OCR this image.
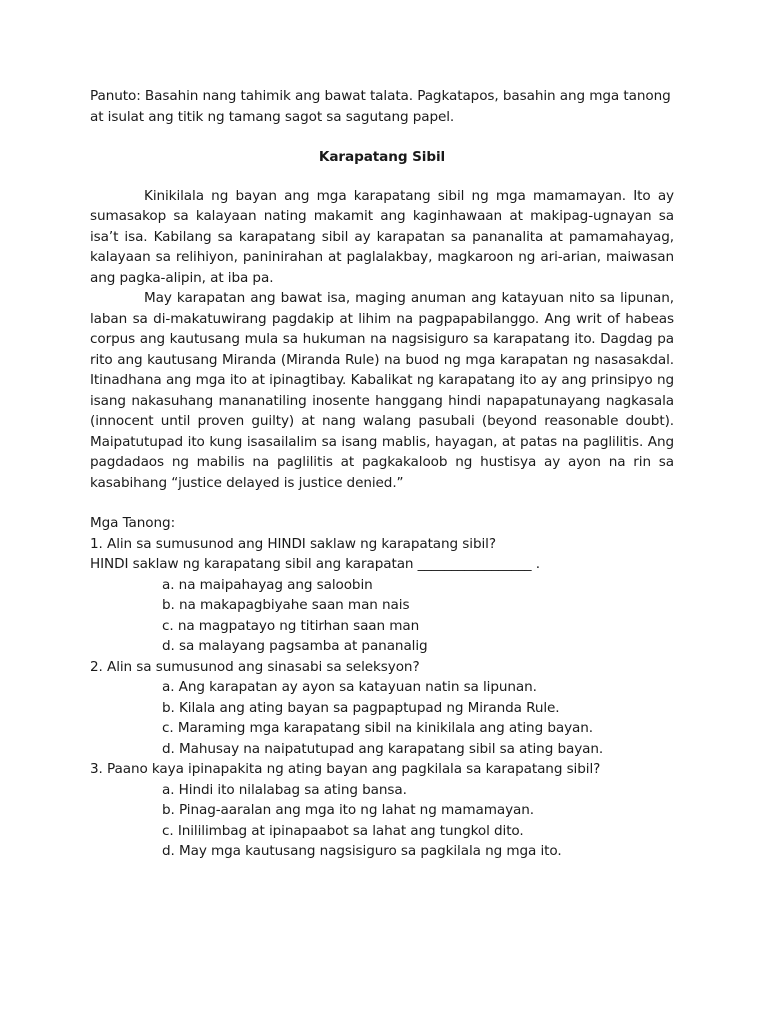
Panuto: Basahin nang tahimik ang bawat talata. Pagkatapos, basahin ang mga tanong at isulat ang titik ng tamang sagot sa sagutang papel.

Karapatang Sibil

Kinikilala ng bayan ang mga karapatang sibil ng mga mamamayan. Ito ay sumasakop sa kalayaan nating makamit ang kaginhawaan at makipag-ugnayan sa isa’t isa. Kabilang sa karapatang sibil ay karapatan sa pananalita at pamamahayag, kalayaan sa relihiyon, paninirahan at paglalakbay, magkaroon ng ari-arian, maiwasan ang pagka-alipin, at iba pa.

May karapatan ang bawat isa, maging anuman ang katayuan nito sa lipunan, laban sa di-makatuwirang pagdakip at lihim na pagpapabilanggo. Ang writ of habeas corpus ang kautusang mula sa hukuman na nagsisiguro sa karapatang ito. Dagdag pa rito ang kautusang Miranda (Miranda Rule) na buod ng mga karapatan ng nasasakdal. Itinadhana ang mga ito at ipinagtibay. Kabalikat ng karapatang ito ay ang prinsipyo ng isang nakasuhang mananatiling inosente hanggang hindi napapatunayang nagkasala (innocent until proven guilty) at nang walang pasubali (beyond reasonable doubt). Maipatutupad ito kung isasailalim sa isang mablis, hayagan, at patas na paglilitis. Ang pagdadaos ng mabilis na paglilitis at pagkakaloob ng hustisya ay ayon na rin sa kasabihang “justice delayed is justice denied.”

Mga Tanong:

1. Alin sa sumusunod ang HINDI saklaw ng karapatang sibil?

HINDI saklaw ng karapatang sibil ang karapatan _________________ .

a. na maipahayag ang saloobin

b. na makapagbiyahe saan man nais

c. na magpatayo ng titirhan saan man

d. sa malayang pagsamba at pananalig

2. Alin sa sumusunod ang sinasabi sa seleksyon?

a. Ang karapatan ay ayon sa katayuan natin sa lipunan.

b. Kilala ang ating bayan sa pagpaptupad ng Miranda Rule.

c. Maraming mga karapatang sibil na kinikilala ang ating bayan.

d. Mahusay na naipatutupad ang karapatang sibil sa ating bayan.

3. Paano kaya ipinapakita ng ating bayan ang pagkilala sa karapatang sibil?

a. Hindi ito nilalabag sa ating bansa.

b. Pinag-aaralan ang mga ito ng lahat ng mamamayan.

c. Inililimbag at ipinapaabot sa lahat ang tungkol dito.

d. May mga kautusang nagsisiguro sa pagkilala ng mga ito.
